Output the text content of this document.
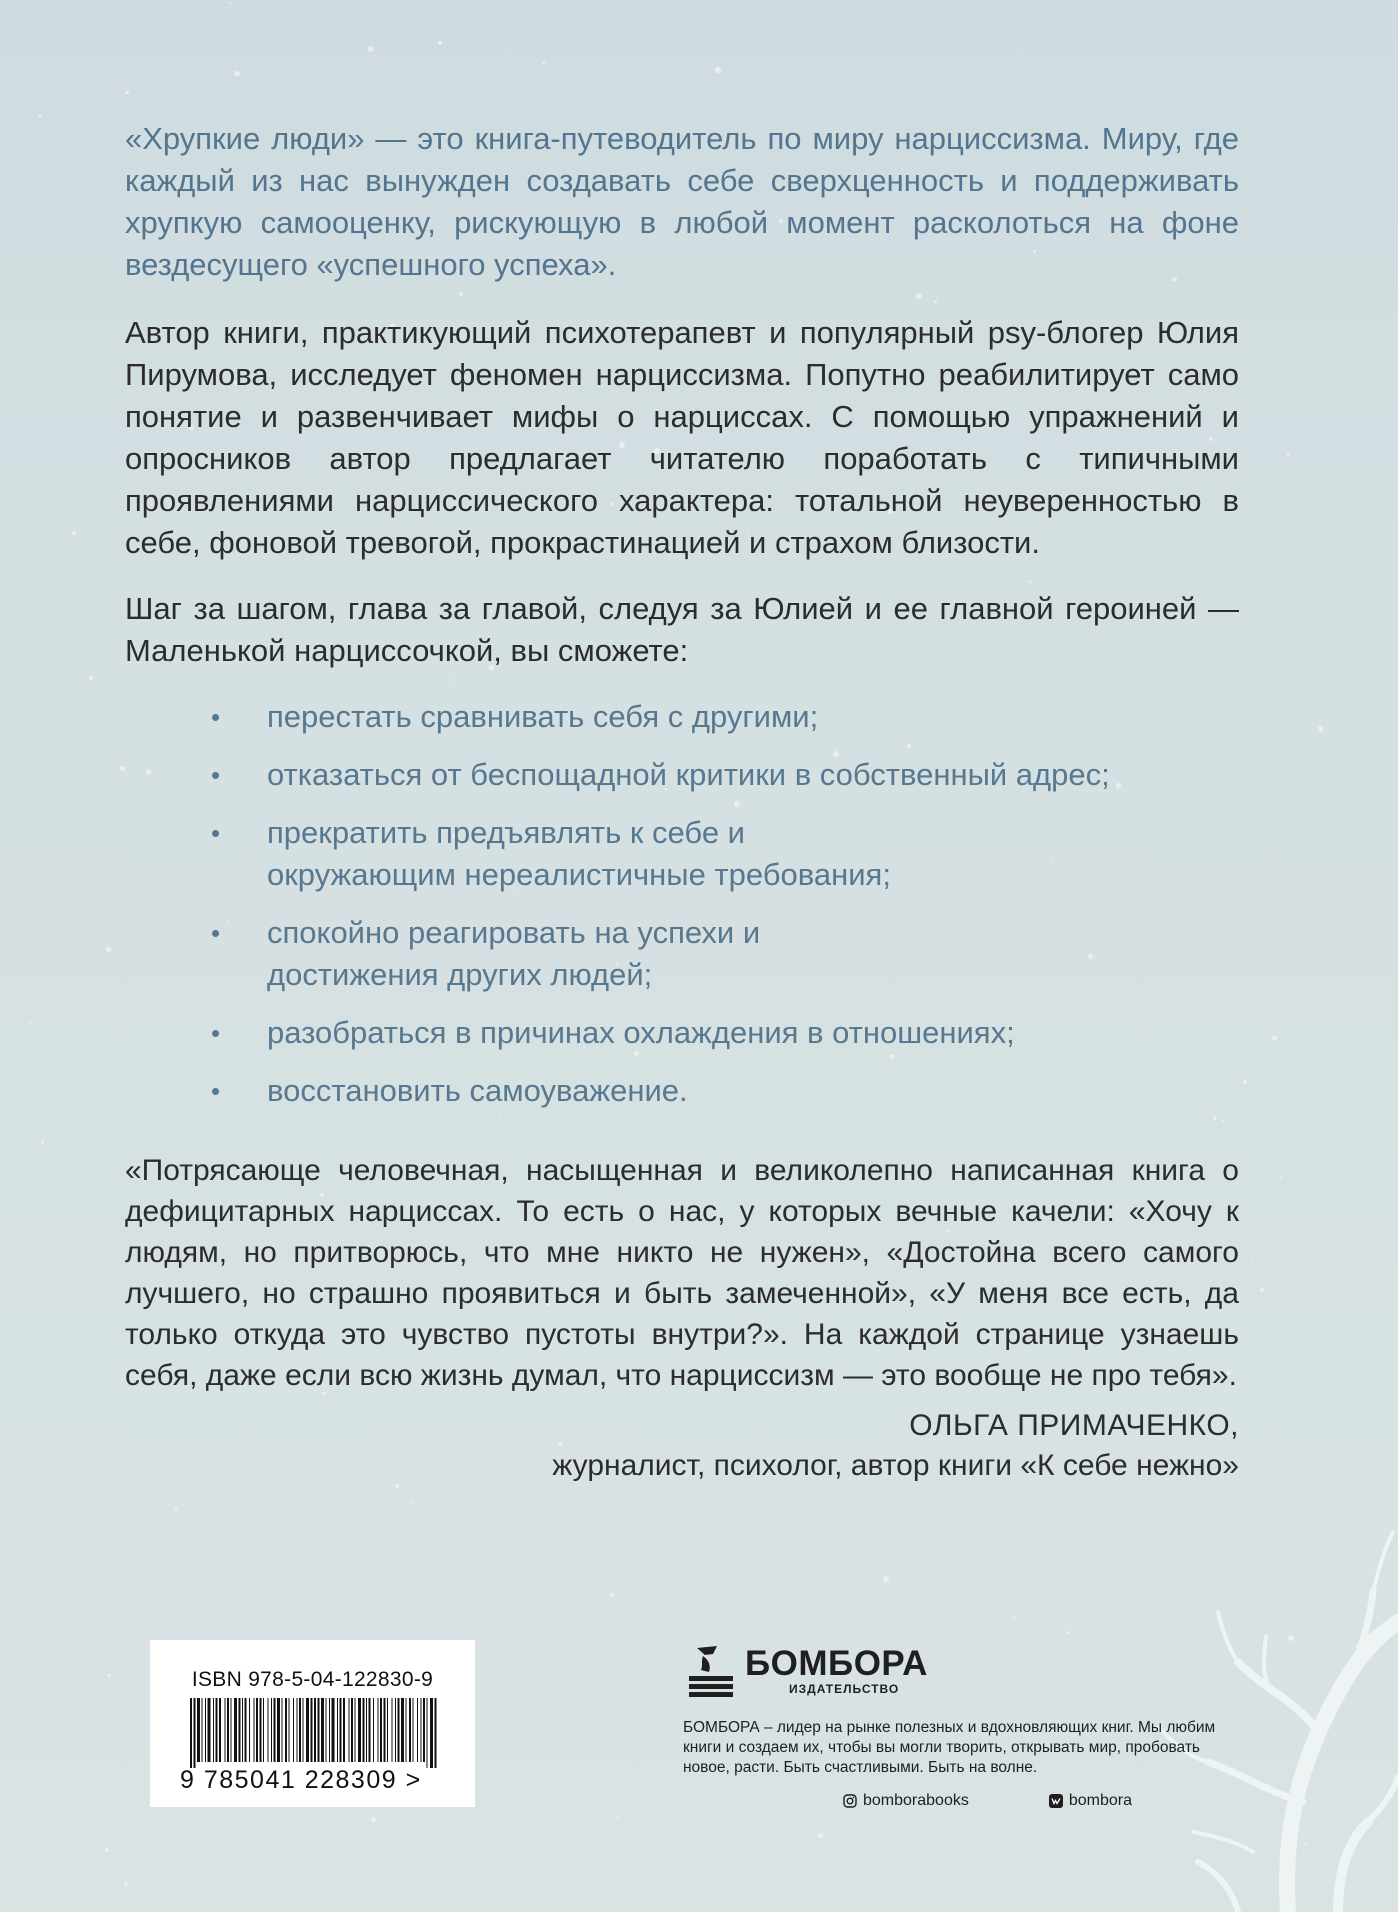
«Хрупкие люди» — это книга-путеводитель по миру нарциссизма. Миру, где каждый из нас вынужден создавать себе сверхценность и поддерживать хрупкую самооценку, рискующую в любой момент расколоться на фоне вездесущего «успешного успеха».

Автор книги, практикующий психотерапевт и популярный psy-блогер Юлия Пирумова, исследует феномен нарциссизма. Попутно реабилитирует само понятие и развенчивает мифы о нарциссах. С помощью упражнений и опросников автор предлагает читателю поработать с типичными проявлениями нарциссического характера: тотальной неуверенностью в себе, фоновой тревогой, прокрастинацией и страхом близости.

Шаг за шагом, глава за главой, следуя за Юлией и ее главной героиней — Маленькой нарциссочкой, вы сможете:

• перестать сравнивать себя с другими;
• отказаться от беспощадной критики в собственный адрес;
• прекратить предъявлять к себе и окружающим нереалистичные требования;
• спокойно реагировать на успехи и достижения других людей;
• разобраться в причинах охлаждения в отношениях;
• восстановить самоуважение.

«Потрясающе человечная, насыщенная и великолепно написанная книга о дефицитарных нарциссах. То есть о нас, у которых вечные качели: «Хочу к людям, но притворюсь, что мне никто не нужен», «Достойна всего самого лучшего, но страшно проявиться и быть замеченной», «У меня все есть, да только откуда это чувство пустоты внутри?». На каждой странице узнаешь себя, даже если всю жизнь думал, что нарциссизм — это вообще не про тебя».

ОЛЬГА ПРИМАЧЕНКО,
журналист, психолог, автор книги «К себе нежно»
ISBN 978-5-04-122830-9
9 785041 228309 >
БОМБОРА
ИЗДАТЕЛЬСТВО
БОМБОРА – лидер на рынке полезных и вдохновляющих книг. Мы любим книги и создаем их, чтобы вы могли творить, открывать мир, пробовать новое, расти. Быть счастливыми. Быть на волне.
bomborabooks	bombora
